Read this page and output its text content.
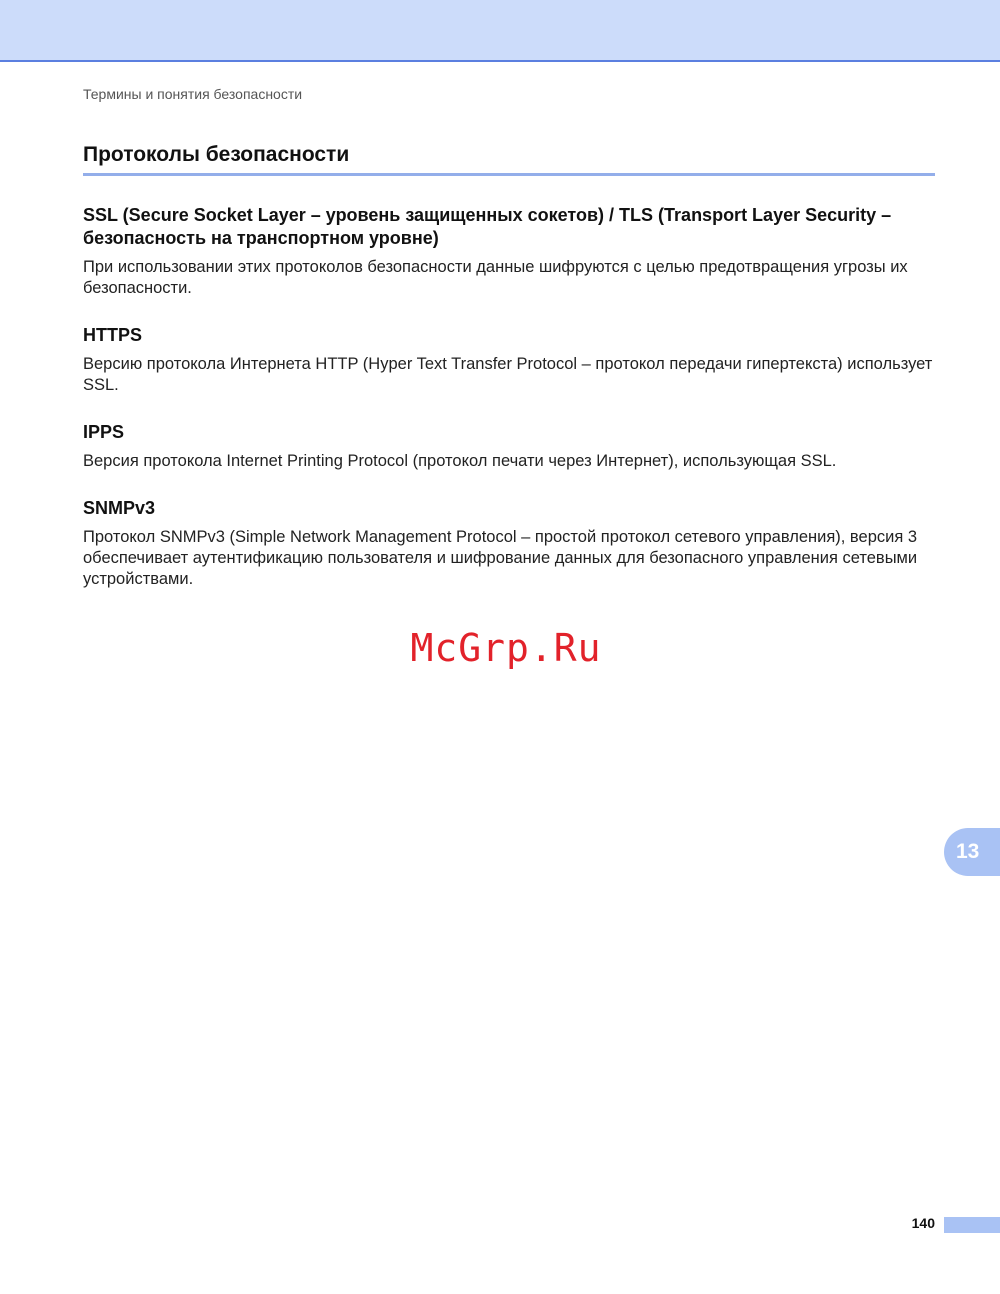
Термины и понятия безопасности
Протоколы безопасности
SSL (Secure Socket Layer – уровень защищенных сокетов) / TLS (Transport Layer Security – безопасность на транспортном уровне)

При использовании этих протоколов безопасности данные шифруются с целью предотвращения угрозы их безопасности.

HTTPS

Версию протокола Интернета HTTP (Hyper Text Transfer Protocol – протокол передачи гипертекста) использует SSL.

IPPS

Версия протокола Internet Printing Protocol (протокол печати через Интернет), использующая SSL.

SNMPv3

Протокол SNMPv3 (Simple Network Management Protocol – простой протокол сетевого управления), версия 3 обеспечивает аутентификацию пользователя и шифрование данных для безопасного управления сетевыми устройствами.

McGrp.Ru
13
140
